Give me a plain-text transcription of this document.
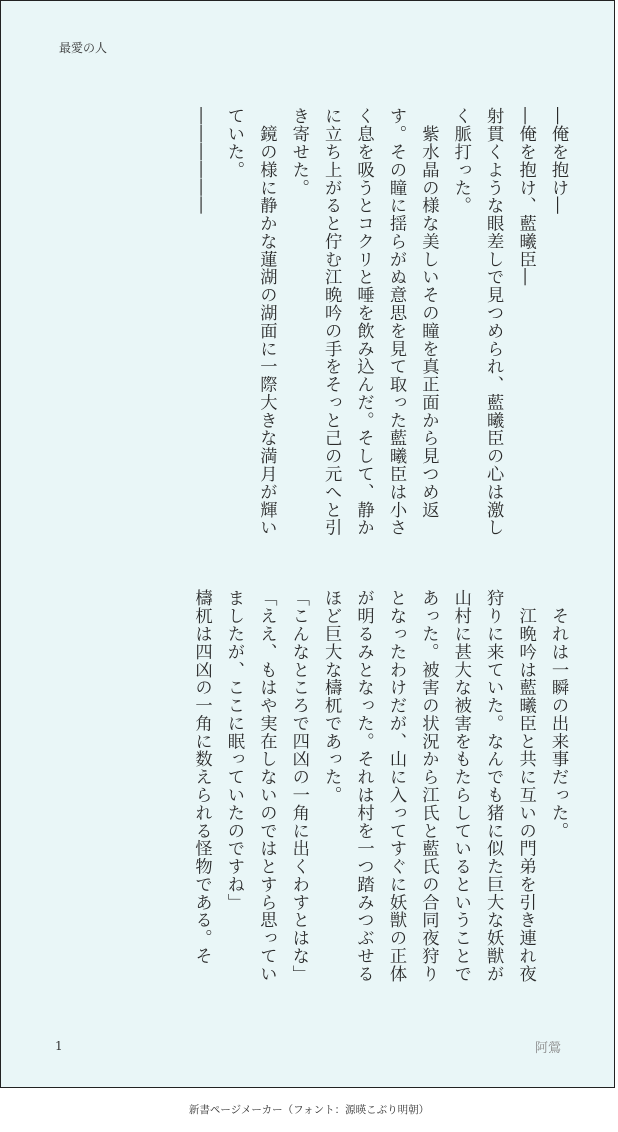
最愛の人

―俺を抱け―

―俺を抱け、藍曦臣―

射貫くような眼差しで見つめられ、藍曦臣の心は激しく脈打った。

　紫水晶の様な美しいその瞳を真正面から見つめ返す。その瞳に揺らがぬ意思を見て取った藍曦臣は小さく息を吸うとコクリと唾を飲み込んだ。そして、静かに立ち上がると佇む江晩吟の手をそっと己の元へと引き寄せた。

　鏡の様に静かな蓮湖の湖面に一際大きな満月が輝いていた。

――――――

　それは一瞬の出来事だった。

　江晩吟は藍曦臣と共に互いの門弟を引き連れ夜狩りに来ていた。なんでも猪に似た巨大な妖獣が山村に甚大な被害をもたらしているということであった。被害の状況から江氏と藍氏の合同夜狩りとなったわけだが、山に入ってすぐに妖獣の正体が明るみとなった。それは村を一つ踏みつぶせるほど巨大な檮杌であった。

「こんなところで四凶の一角に出くわすとはな」

「ええ、もはや実在しないのではとすら思っていましたが、ここに眠っていたのですね」

檮杌は四凶の一角に数えられる怪物である。そ

1	阿鶯
新書ページメーカー（フォント：源暎こぶり明朝）
